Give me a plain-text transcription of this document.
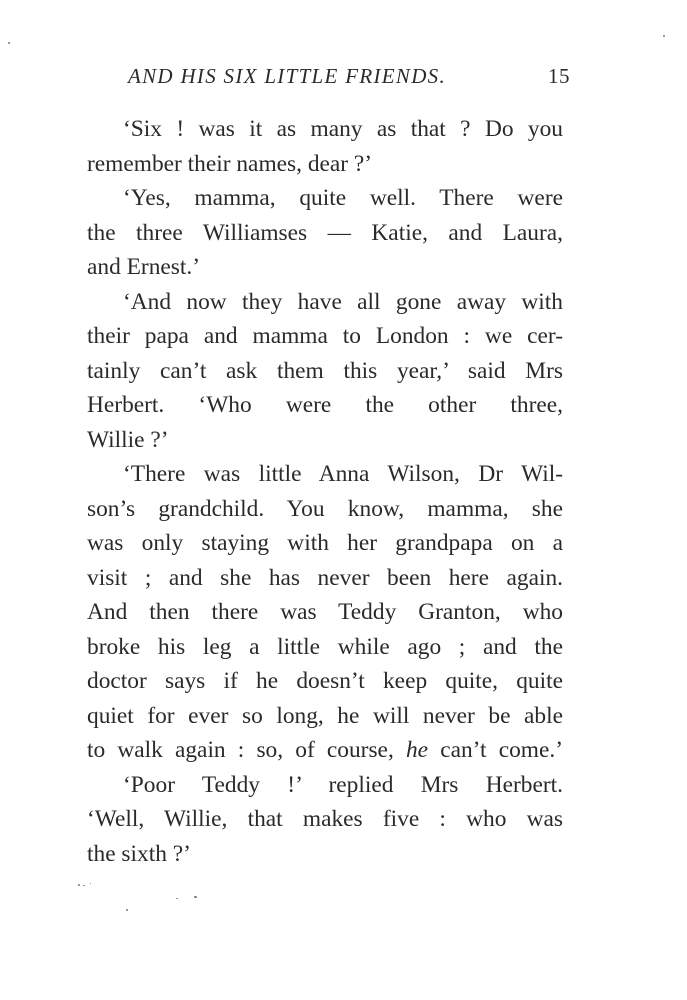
AND HIS SIX LITTLE FRIENDS.	15
‘Six ! was it as many as that ? Do you
remember their names, dear ?’
‘Yes, mamma, quite well. There were
the three Williamses — Katie, and Laura,
and Ernest.’
‘And now they have all gone away with
their papa and mamma to London : we cer-
tainly can’t ask them this year,’ said Mrs
Herbert. ‘Who were the other three,
Willie ?’
‘There was little Anna Wilson, Dr Wil-
son’s grandchild. You know, mamma, she
was only staying with her grandpapa on a
visit ; and she has never been here again.
And then there was Teddy Granton, who
broke his leg a little while ago ; and the
doctor says if he doesn’t keep quite, quite
quiet for ever so long, he will never be able
to walk again : so, of course, he can’t come.’
‘Poor Teddy !’ replied Mrs Herbert.
‘Well, Willie, that makes five : who was
the sixth ?’
